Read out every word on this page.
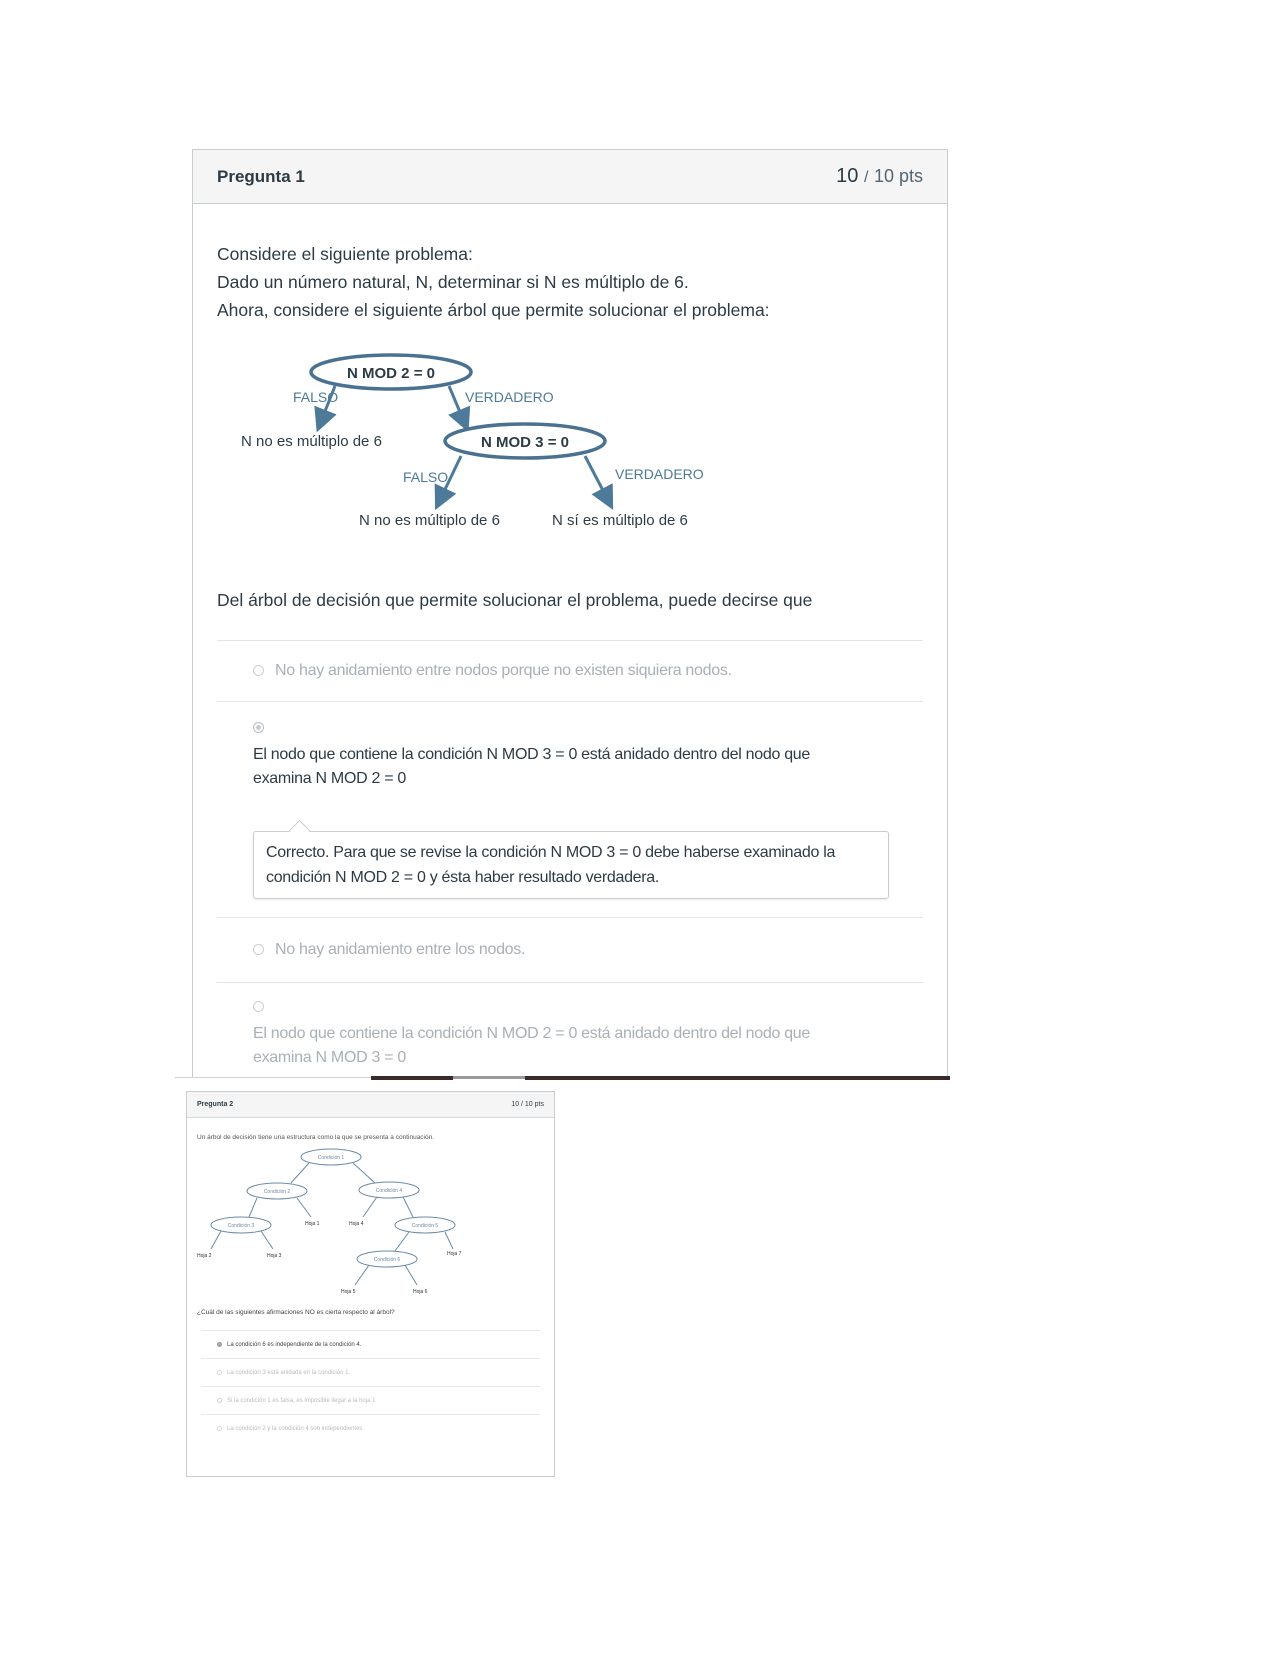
Pregunta 1	10 / 10 pts

Considere el siguiente problema:

Dado un número natural, N, determinar si N es múltiplo de 6.

Ahora, considere el siguiente árbol que permite solucionar el problema:

N MOD 2 = 0
FALSO	VERDADERO
N no es múltiplo de 6	N MOD 3 = 0
FALSO	VERDADERO
N no es múltiplo de 6	N sí es múltiplo de 6
Del árbol de decisión que permite solucionar el problema, puede decirse que
No hay anidamiento entre nodos porque no existen siquiera nodos.
El nodo que contiene la condición N MOD 3 = 0 está anidado dentro del nodo que examina N MOD 2 = 0
Correcto. Para que se revise la condición N MOD 3 = 0 debe haberse examinado la condición N MOD 2 = 0 y ésta haber resultado verdadera.
No hay anidamiento entre los nodos.
El nodo que contiene la condición N MOD 2 = 0 está anidado dentro del nodo que examina N MOD 3 = 0
Pregunta 2	10 / 10 pts
Un árbol de decisión tiene una estructura como la que se presenta a continuación.
Condición 1
Condición 2	Condición 4
Condición 3	Condición 5
Condición 6
Hoja 1	Hoja 4
Hoja 2	Hoja 3	Hoja 7
Hoja 5	Hoja 6
¿Cuál de las siguientes afirmaciones NO es cierta respecto al árbol?
La condición 6 es independiente de la condición 4.
La condición 3 está anidada en la condición 1.
Si la condición 1 es falsa, es imposible llegar a la hoja 1
La condición 2 y la condición 4 son independientes
